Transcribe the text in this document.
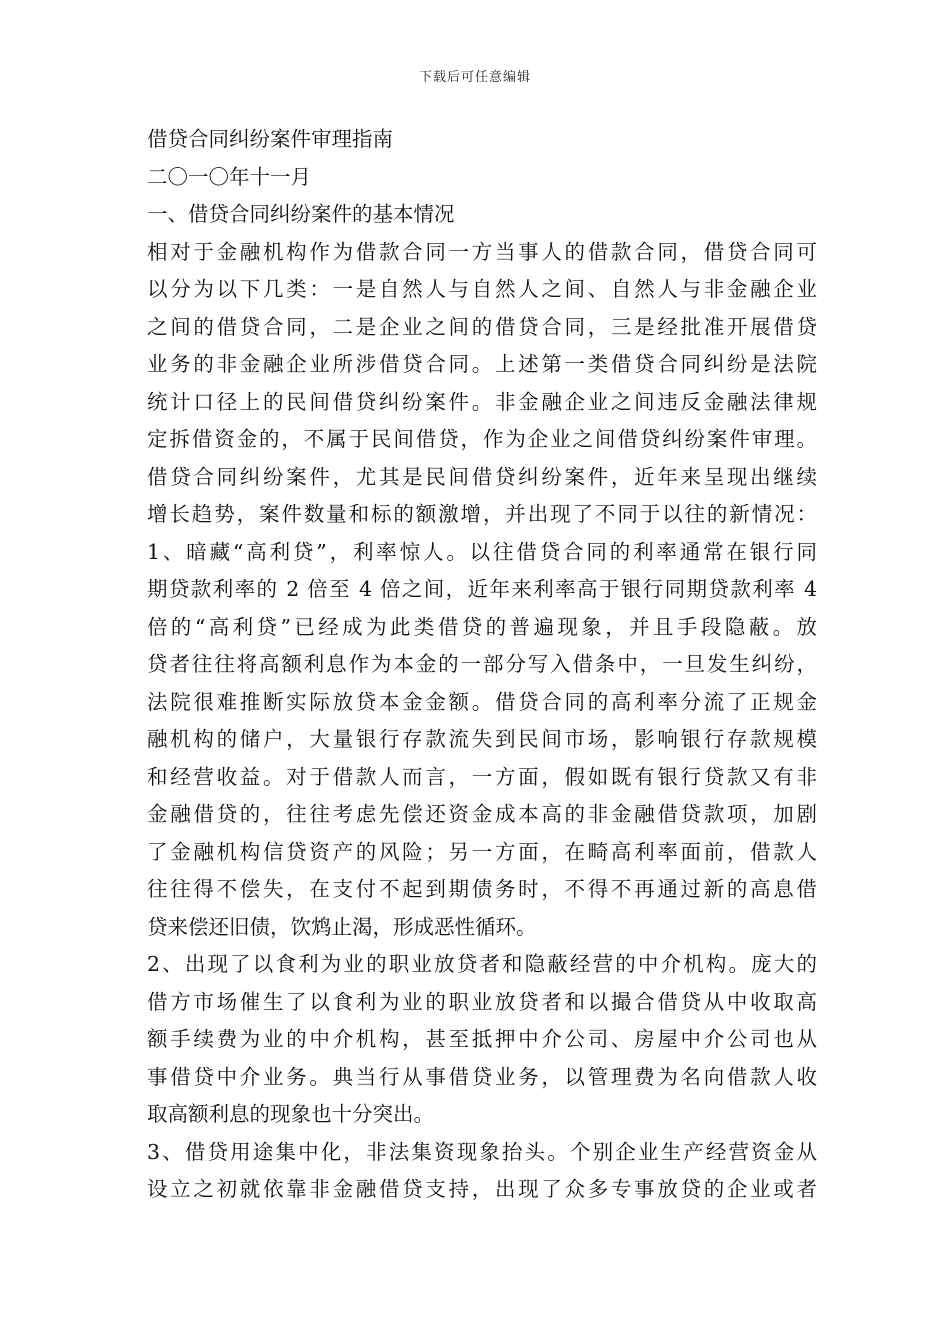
下载后可任意编辑
借贷合同纠纷案件审理指南
二〇一〇年十一月
一、借贷合同纠纷案件的基本情况
相对于金融机构作为借款合同一方当事人的借款合同，借贷合同可
以分为以下几类：一是自然人与自然人之间、自然人与非金融企业
之间的借贷合同，二是企业之间的借贷合同，三是经批准开展借贷
业务的非金融企业所涉借贷合同。上述第一类借贷合同纠纷是法院
统计口径上的民间借贷纠纷案件。非金融企业之间违反金融法律规
定拆借资金的，不属于民间借贷，作为企业之间借贷纠纷案件审理。
借贷合同纠纷案件，尤其是民间借贷纠纷案件，近年来呈现出继续
增长趋势，案件数量和标的额激增，并出现了不同于以往的新情况：
1、暗藏“高利贷”，利率惊人。以往借贷合同的利率通常在银行同
期贷款利率的 2 倍至 4 倍之间，近年来利率高于银行同期贷款利率 4
倍的“高利贷”已经成为此类借贷的普遍现象，并且手段隐蔽。放
贷者往往将高额利息作为本金的一部分写入借条中，一旦发生纠纷，
法院很难推断实际放贷本金金额。借贷合同的高利率分流了正规金
融机构的储户，大量银行存款流失到民间市场，影响银行存款规模
和经营收益。对于借款人而言，一方面，假如既有银行贷款又有非
金融借贷的，往往考虑先偿还资金成本高的非金融借贷款项，加剧
了金融机构信贷资产的风险；另一方面，在畸高利率面前，借款人
往往得不偿失，在支付不起到期债务时，不得不再通过新的高息借
贷来偿还旧债，饮鸩止渴，形成恶性循环。
2、出现了以食利为业的职业放贷者和隐蔽经营的中介机构。庞大的
借方市场催生了以食利为业的职业放贷者和以撮合借贷从中收取高
额手续费为业的中介机构，甚至抵押中介公司、房屋中介公司也从
事借贷中介业务。典当行从事借贷业务，以管理费为名向借款人收
取高额利息的现象也十分突出。
3、借贷用途集中化，非法集资现象抬头。个别企业生产经营资金从
设立之初就依靠非金融借贷支持，出现了众多专事放贷的企业或者
